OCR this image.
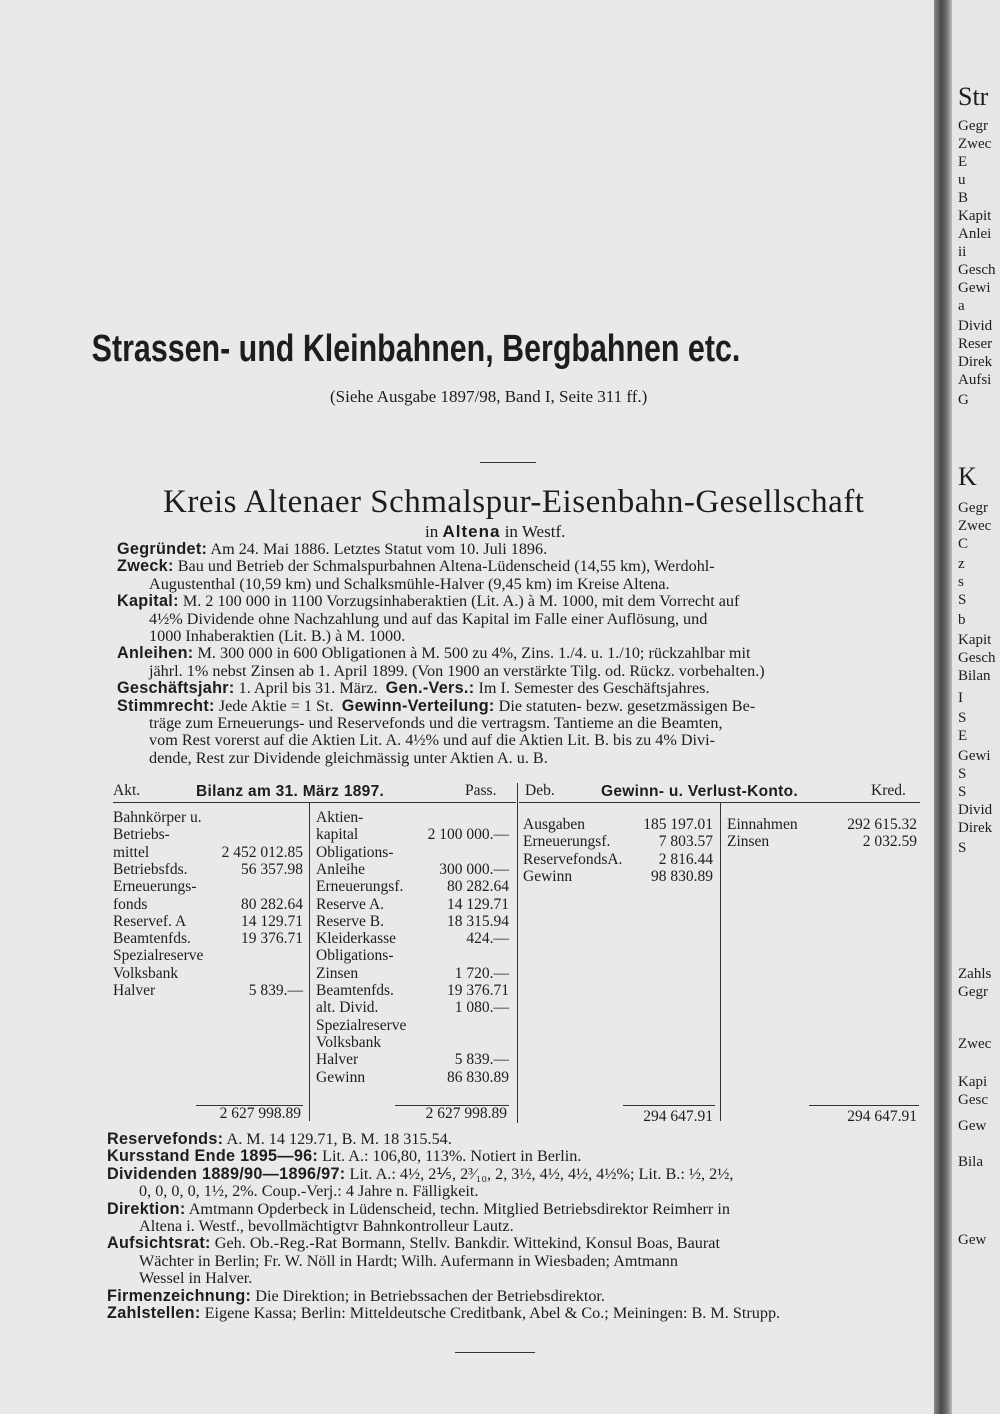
Strassen- und Kleinbahnen, Bergbahnen etc.
(Siehe Ausgabe 1897/98, Band I, Seite 311 ff.)
Kreis Altenaer Schmalspur-Eisenbahn-Gesellschaft
in Altena in Westf.

Gegründet: Am 24. Mai 1886. Letztes Statut vom 10. Juli 1896.

Zweck: Bau und Betrieb der Schmalspurbahnen Altena-Lüdenscheid (14,55 km), Werdohl-

Augustenthal (10,59 km) und Schalksmühle-Halver (9,45 km) im Kreise Altena.

Kapital: M. 2 100 000 in 1100 Vorzugsinhaberaktien (Lit. A.) à M. 1000, mit dem Vorrecht auf

4½% Dividende ohne Nachzahlung und auf das Kapital im Falle einer Auflösung, und

1000 Inhaberaktien (Lit. B.) à M. 1000.

Anleihen: M. 300 000 in 600 Obligationen à M. 500 zu 4%, Zins. 1./4. u. 1./10; rückzahlbar mit

jährl. 1% nebst Zinsen ab 1. April 1899. (Von 1900 an verstärkte Tilg. od. Rückz. vorbehalten.)

Geschäftsjahr: 1. April bis 31. März. Gen.-Vers.: Im I. Semester des Geschäftsjahres.

Stimmrecht: Jede Aktie = 1 St. Gewinn-Verteilung: Die statuten- bezw. gesetzmässigen Be-

träge zum Erneuerungs- und Reservefonds und die vertragsm. Tantieme an die Beamten,

vom Rest vorerst auf die Aktien Lit. A. 4½% und auf die Aktien Lit. B. bis zu 4% Divi-

dende, Rest zur Dividende gleichmässig unter Aktien A. u. B.

Akt.	Bilanz am 31. März 1897.	Pass.
Bahnkörper u.
Betriebs-
mittel	2 452 012.85
Betriebsfds.	56 357.98
Erneuerungs-
fonds	80 282.64
Reservef. A	14 129.71
Beamtenfds.	19 376.71
Spezialreserve
Volksbank
Halver	5 839.—
Aktien-
kapital	2 100 000.—
Obligations-
Anleihe	300 000.—
Erneuerungsf.	80 282.64
Reserve A.	14 129.71
Reserve B.	18 315.94
Kleiderkasse	424.—
Obligations-
Zinsen	1 720.—
Beamtenfds.	19 376.71
alt. Divid.	1 080.—
Spezialreserve
Volksbank
Halver	5 839.—
Gewinn	86 830.89
2 627 998.89	2 627 998.89
Deb.	Gewinn- u. Verlust-Konto.	Kred.
Ausgaben	185 197.01
Erneuerungsf.	7 803.57
ReservefondsA.	2 816.44
Gewinn	98 830.89
Einnahmen	292 615.32
Zinsen	2 032.59
294 647.91	294 647.91

Reservefonds: A. M. 14 129.71, B. M. 18 315.54.

Kursstand Ende 1895—96: Lit. A.: 106,80, 113%. Notiert in Berlin.

Dividenden 1889/90—1896/97: Lit. A.: 4½, 2⅕, 2³⁄₁₀, 2, 3½, 4½, 4½, 4½%; Lit. B.: ½, 2½,

0, 0, 0, 0, 1½, 2%. Coup.-Verj.: 4 Jahre n. Fälligkeit.

Direktion: Amtmann Opderbeck in Lüdenscheid, techn. Mitglied Betriebsdirektor Reimherr in

Altena i. Westf., bevollmächtigtvr Bahnkontrolleur Lautz.

Aufsichtsrat: Geh. Ob.-Reg.-Rat Bormann, Stellv. Bankdir. Wittekind, Konsul Boas, Baurat

Wächter in Berlin; Fr. W. Nöll in Hardt; Wilh. Aufermann in Wiesbaden; Amtmann

Wessel in Halver.

Firmenzeichnung: Die Direktion; in Betriebssachen der Betriebsdirektor.

Zahlstellen: Eigene Kassa; Berlin: Mitteldeutsche Creditbank, Abel & Co.; Meiningen: B. M. Strupp.

Str
Gegr
Zwec
E
u
B
Kapit
Anlei
ii
Gesch
Gewi
a
Divid
Reser
Direk
Aufsi
G
K
Gegr
Zwec
C
z
s
S
b
Kapit
Gesch
Bilan
I
S
E
Gewi
S
S
Divid
Direk
S
Zahls
Gegr
Zwec
Kapi
Gesc
Gew
Bila
Gew
